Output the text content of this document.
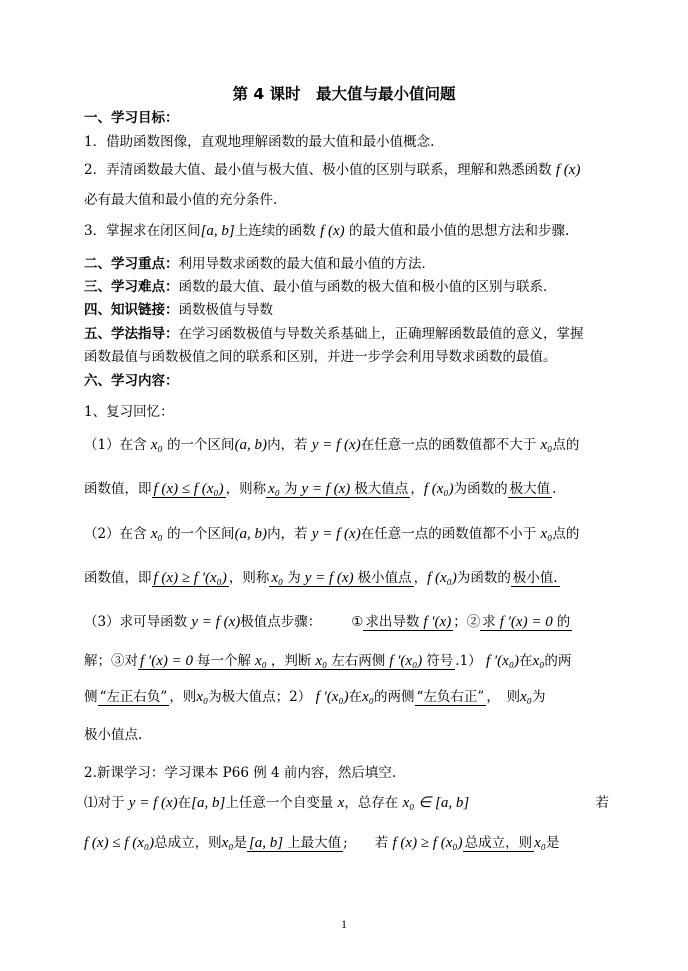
第 4 课时　最大值与最小值问题
一、学习目标：
1．借助函数图像，直观地理解函数的最大值和最小值概念.
2．弄清函数最大值、最小值与极大值、极小值的区别与联系，理解和熟悉函数 f (x)
必有最大值和最小值的充分条件.
3．掌握求在闭区间[a, b]上连续的函数 f (x) 的最大值和最小值的思想方法和步骤.
二、学习重点：利用导数求函数的最大值和最小值的方法．
三、学习难点：函数的最大值、最小值与函数的极大值和极小值的区别与联系．
四、知识链接：函数极值与导数
五、学法指导：在学习函数极值与导数关系基础上，正确理解函数最值的意义，掌握
函数最值与函数极值之间的联系和区别，并进一步学会利用导数求函数的最值。
六、学习内容：
1、复习回忆：
（1）在含 x₀ 的一个区间(a, b)内，若 y = f (x)在任意一点的函数值都不大于 x₀点的
函数值，即 f (x) ≤ f (x₀) ，则称 x₀ 为 y = f (x) 极大值点 ，f (x₀)为函数的 极大值 .
（2）在含 x₀ 的一个区间(a, b)内，若 y = f (x)在任意一点的函数值都不小于 x₀点的
函数值，即 f (x) ≥ f ′(x₀) ，则称 x₀ 为 y = f (x) 极小值点 ，f (x₀)为函数的 极小值.
（3）求可导函数 y = f (x)极值点步骤： ① 求出导数 f ′(x) ；② 求 f ′(x) = 0 的
解；③对 f ′(x) = 0 每一个解 x₀ ，判断 x₀ 左右两侧 f ′(x₀) 符号 .1） f ′(x₀)在x₀的两
侧 “左正右负” ，则x₀为极大值点；2） f ′(x₀)在x₀的两侧 “左负右正” ，　则x₀为
极小值点.
2.新课学习：学习课本 P66 例 4 前内容，然后填空.
⑴对于 y = f (x)在[a, b]上任意一个自变量 x，总存在 x₀ ∈ [a, b]	若
f (x) ≤ f (x₀)总成立，则x₀是 [a, b] 上最大值 ;　　若 f (x) ≥ f (x₀) 总成立，则 x₀是
1
